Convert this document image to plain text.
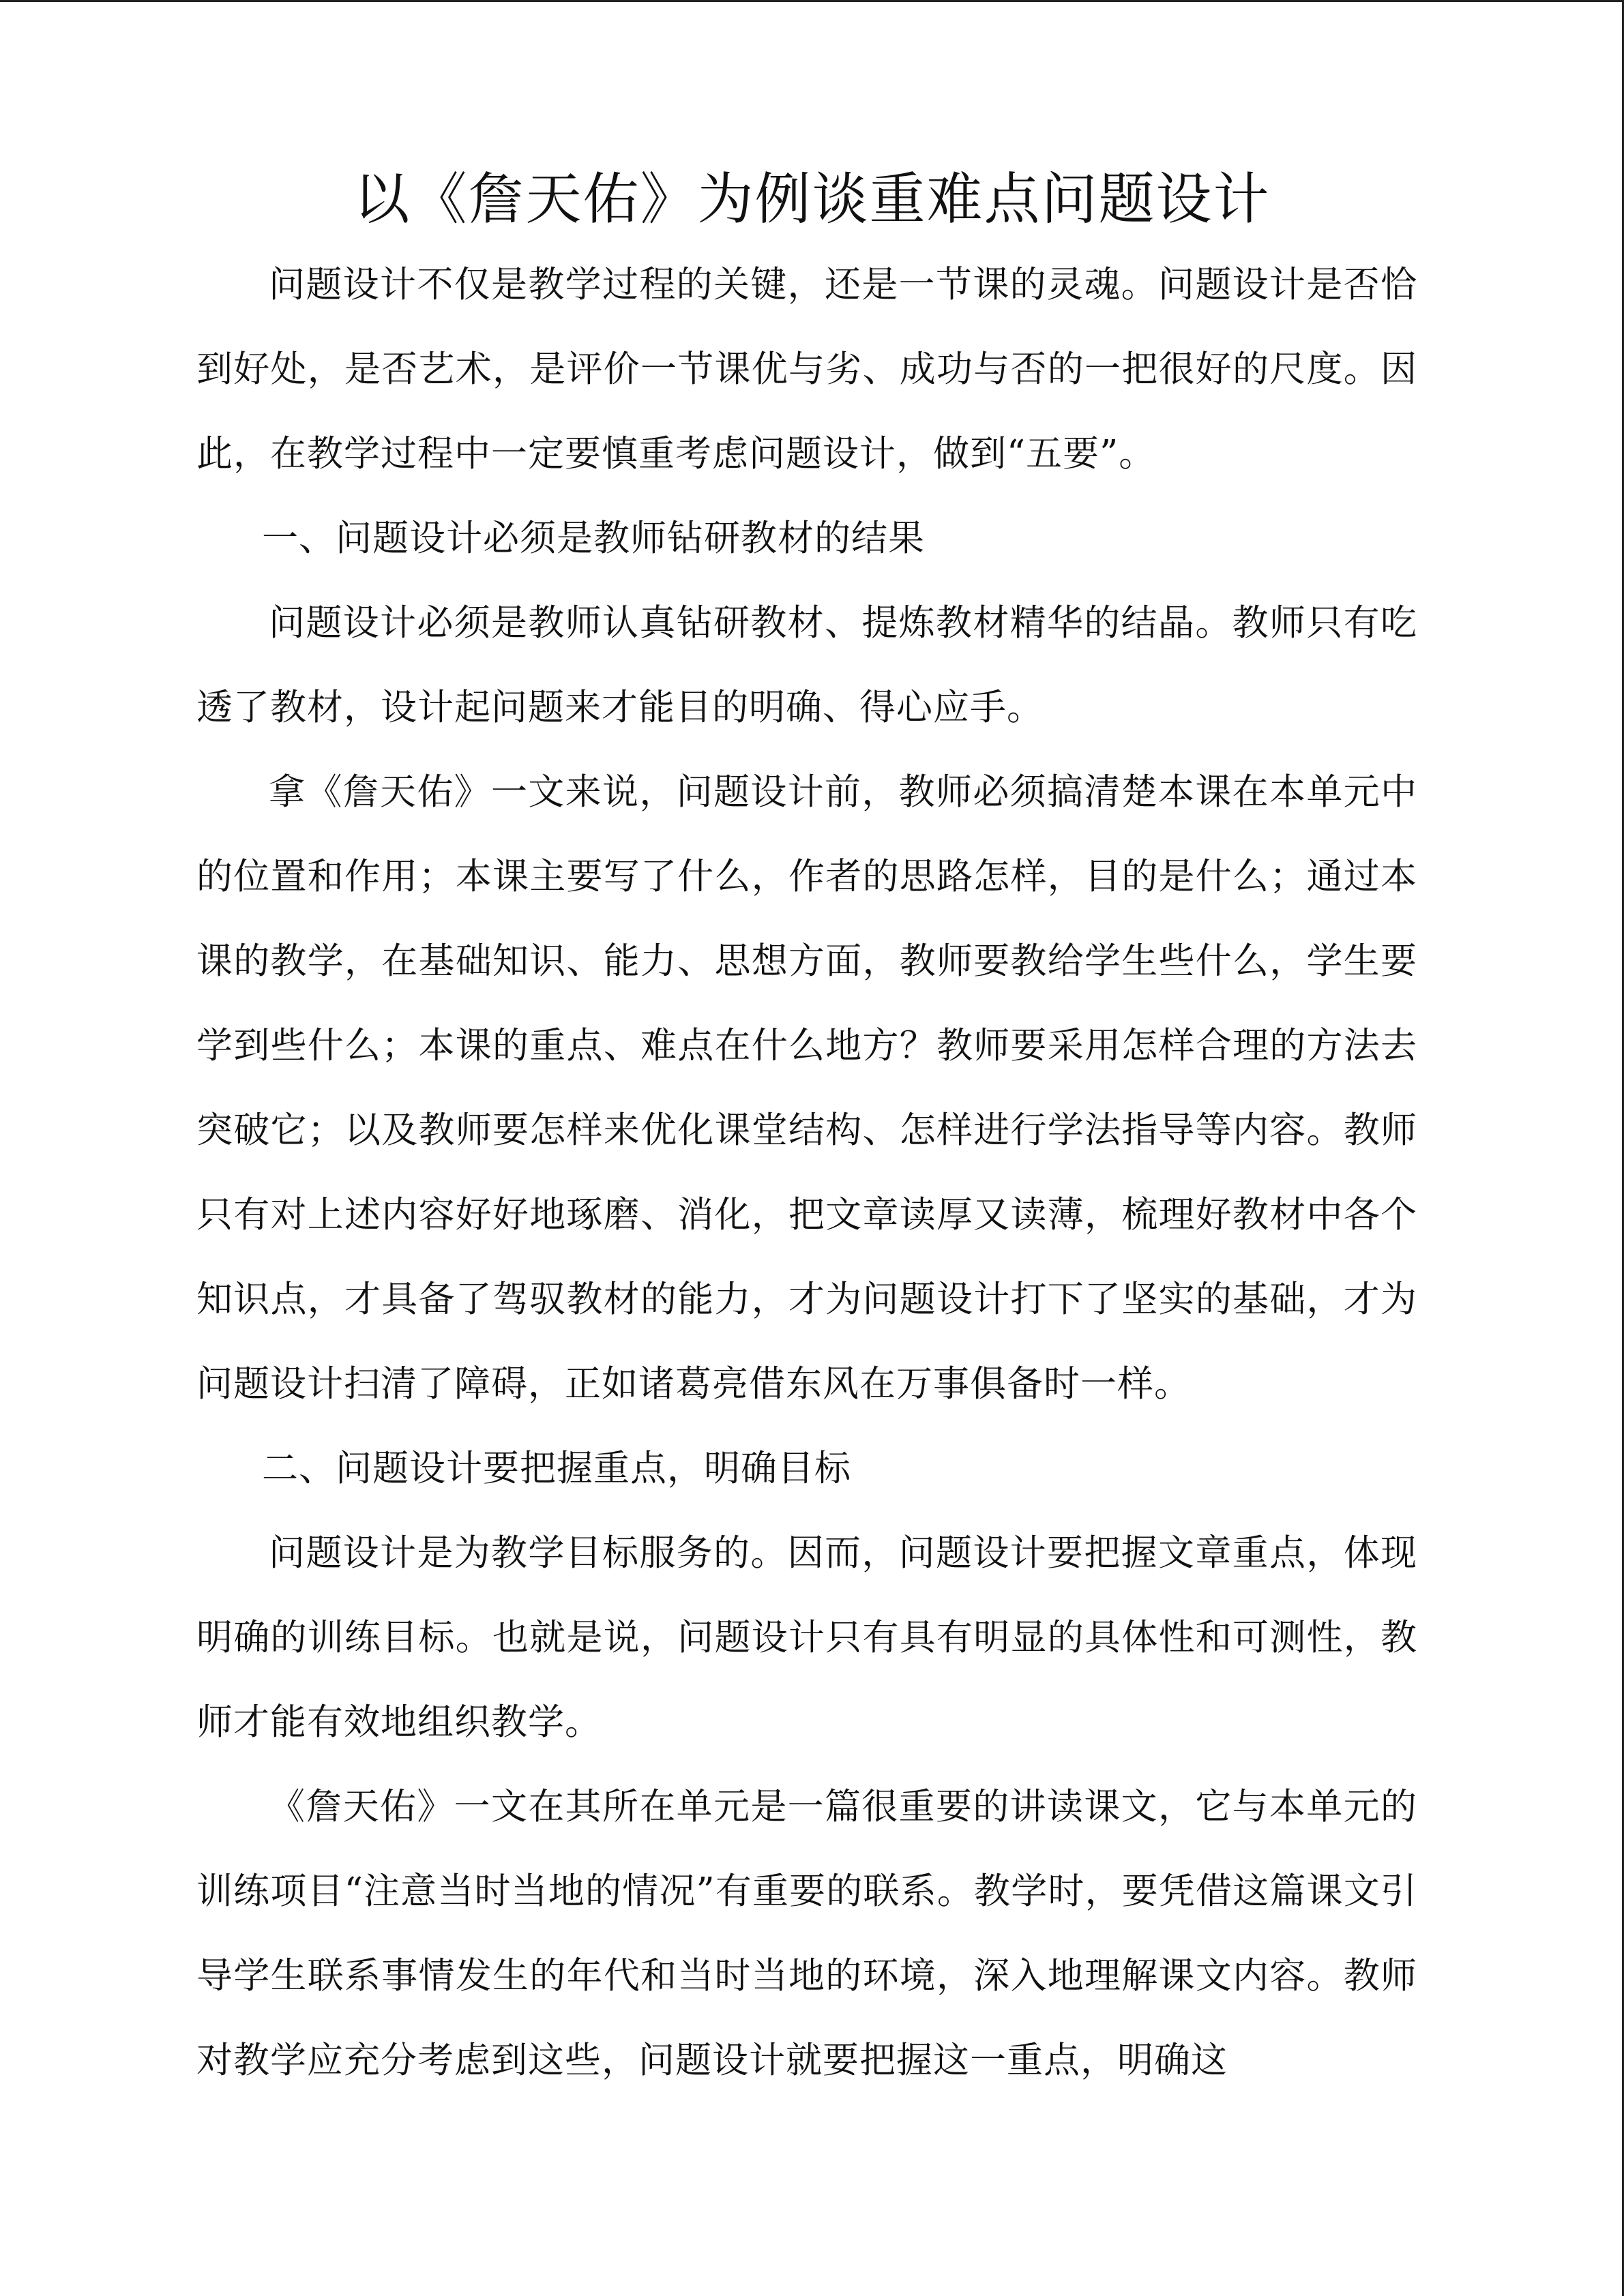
以《詹天佑》为例谈重难点问题设计

问题设计不仅是教学过程的关键，还是一节课的灵魂。问题设计是否恰到好处，是否艺术，是评价一节课优与劣、成功与否的一把很好的尺度。因此，在教学过程中一定要慎重考虑问题设计，做到“五要”。

一、问题设计必须是教师钻研教材的结果

问题设计必须是教师认真钻研教材、提炼教材精华的结晶。教师只有吃透了教材，设计起问题来才能目的明确、得心应手。

拿《詹天佑》一文来说，问题设计前，教师必须搞清楚本课在本单元中的位置和作用；本课主要写了什么，作者的思路怎样，目的是什么；通过本课的教学，在基础知识、能力、思想方面，教师要教给学生些什么，学生要学到些什么；本课的重点、难点在什么地方？教师要采用怎样合理的方法去突破它；以及教师要怎样来优化课堂结构、怎样进行学法指导等内容。教师只有对上述内容好好地琢磨、消化，把文章读厚又读薄，梳理好教材中各个知识点，才具备了驾驭教材的能力，才为问题设计打下了坚实的基础，才为问题设计扫清了障碍，正如诸葛亮借东风在万事俱备时一样。

二、问题设计要把握重点，明确目标

问题设计是为教学目标服务的。因而，问题设计要把握文章重点，体现明确的训练目标。也就是说，问题设计只有具有明显的具体性和可测性，教师才能有效地组织教学。

《詹天佑》一文在其所在单元是一篇很重要的讲读课文，它与本单元的训练项目“注意当时当地的情况”有重要的联系。教学时，要凭借这篇课文引导学生联系事情发生的年代和当时当地的环境，深入地理解课文内容。教师对教学应充分考虑到这些，问题设计就要把握这一重点，明确这
